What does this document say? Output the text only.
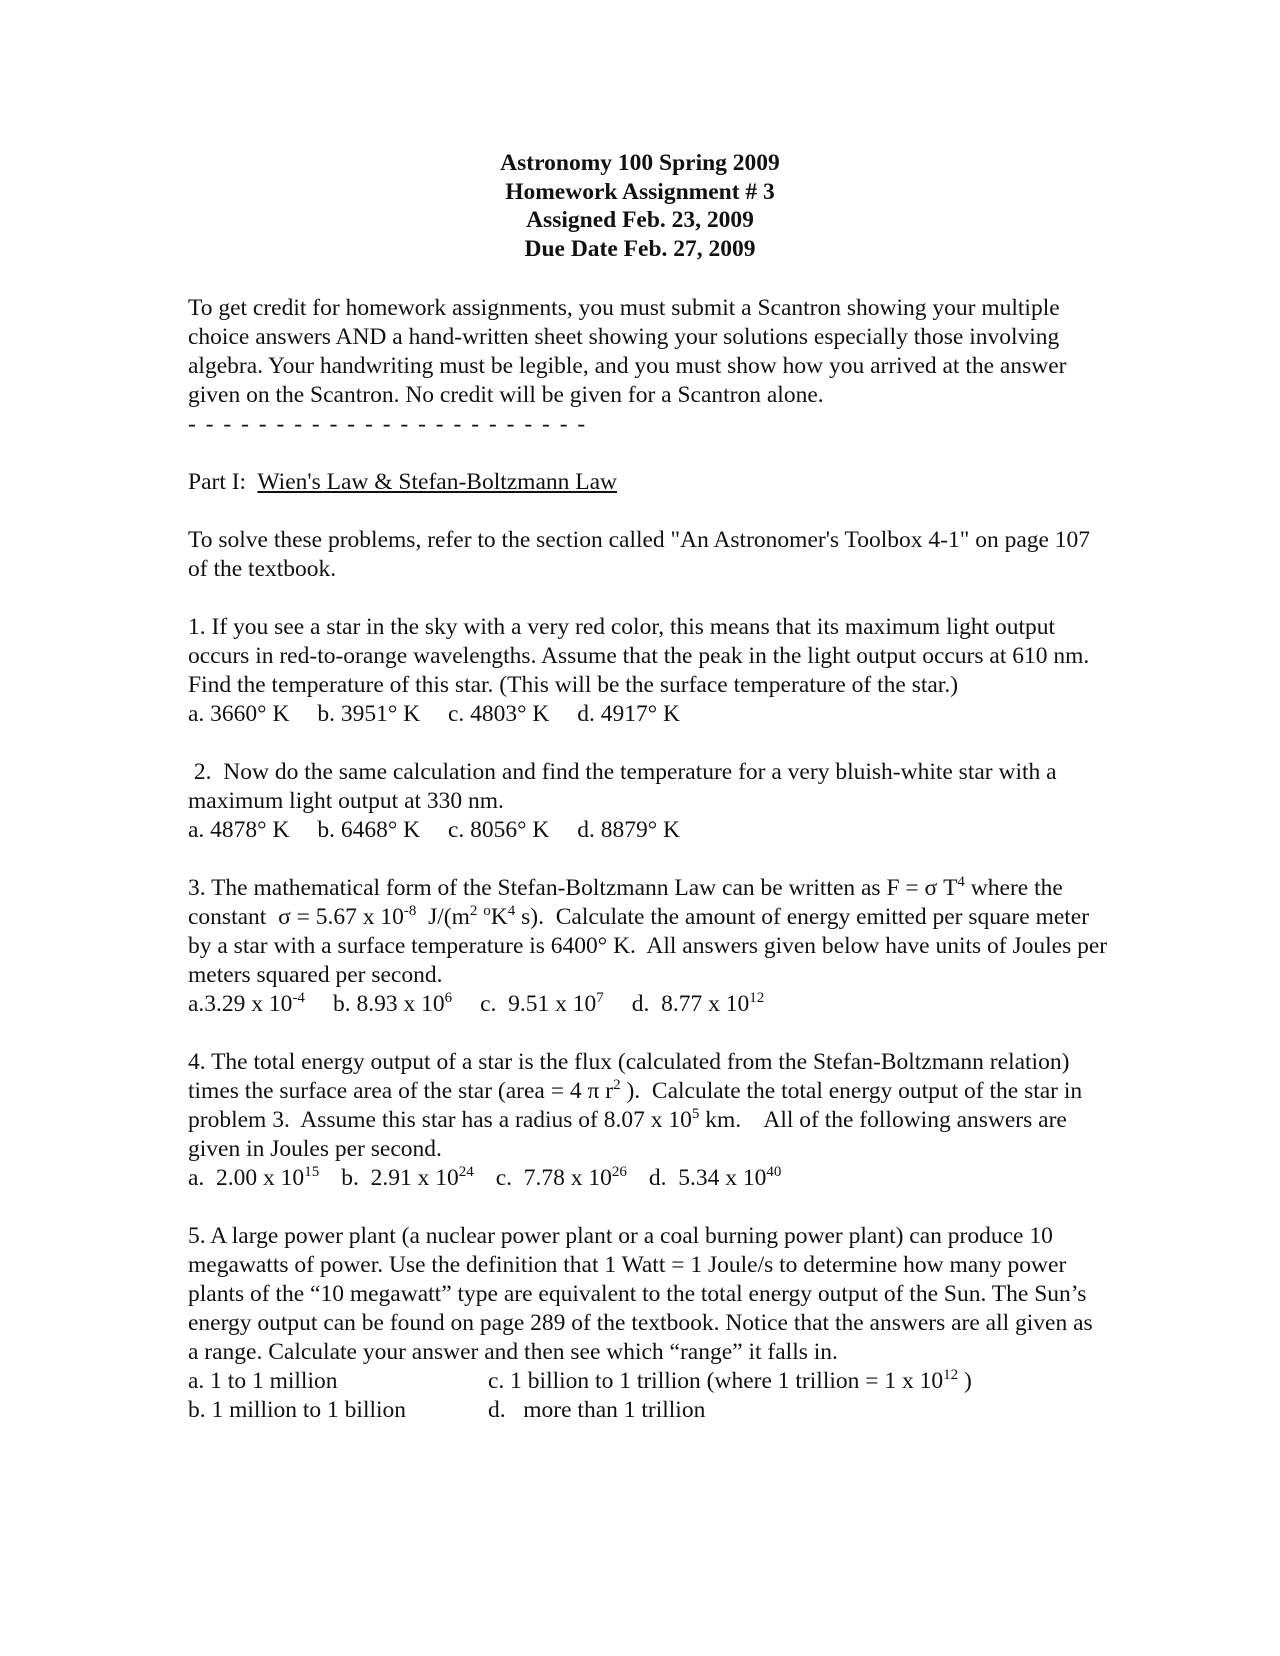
Astronomy 100 Spring 2009
Homework Assignment # 3
Assigned Feb. 23, 2009
Due Date Feb. 27, 2009

To get credit for homework assignments, you must submit a Scantron showing your multiple choice answers AND a hand-written sheet showing your solutions especially those involving algebra. Your handwriting must be legible, and you must show how you arrived at the answer given on the Scantron. No credit will be given for a Scantron alone.

- - - - - - - - - - - - - - - - - - - - - - -

Part I: Wien's Law & Stefan-Boltzmann Law

To solve these problems, refer to the section called "An Astronomer's Toolbox 4-1" on page 107 of the textbook.

1. If you see a star in the sky with a very red color, this means that its maximum light output occurs in red-to-orange wavelengths. Assume that the peak in the light output occurs at 610 nm. Find the temperature of this star. (This will be the surface temperature of the star.)

a. 3660° K b. 3951° K c. 4803° K d. 4917° K

2.  Now do the same calculation and find the temperature for a very bluish-white star with a maximum light output at 330 nm.

a. 4878° K b. 6468° K c. 8056° K d. 8879° K

3. The mathematical form of the Stefan-Boltzmann Law can be written as F = σ $T^4$ where the constant  σ = 5.67 x $10^{-8}$  $J/(m^2$ $^oK^4$ s).  Calculate the amount of energy emitted per square meter by a star with a surface temperature is 6400° K.  All answers given below have units of Joules per meters squared per second.

a.3.29 x $10^{-4}$ b. 8.93 x $10^6$ c.  9.51 x $10^7$ d.  8.77 x $10^{12}$

4. The total energy output of a star is the flux (calculated from the Stefan-Boltzmann relation) times the surface area of the star (area = 4 π $r^2$ ).  Calculate the total energy output of the star in problem 3.  Assume this star has a radius of 8.07 x $10^5$ km.    All of the following answers are given in Joules per second.

a.  2.00 x $10^{15}$ b.  2.91 x $10^{24}$ c.  7.78 x $10^{26}$ d.  5.34 x $10^{40}$

5. A large power plant (a nuclear power plant or a coal burning power plant) can produce 10 megawatts of power. Use the definition that 1 Watt = 1 Joule/s to determine how many power plants of the “10 megawatt” type are equivalent to the total energy output of the Sun. The Sun’s energy output can be found on page 289 of the textbook. Notice that the answers are all given as a range. Calculate your answer and then see which “range” it falls in.

a. 1 to 1 million	c. 1 billion to 1 trillion (where 1 trillion = 1 x $10^{12}$ )
b. 1 million to 1 billion	d.   more than 1 trillion
